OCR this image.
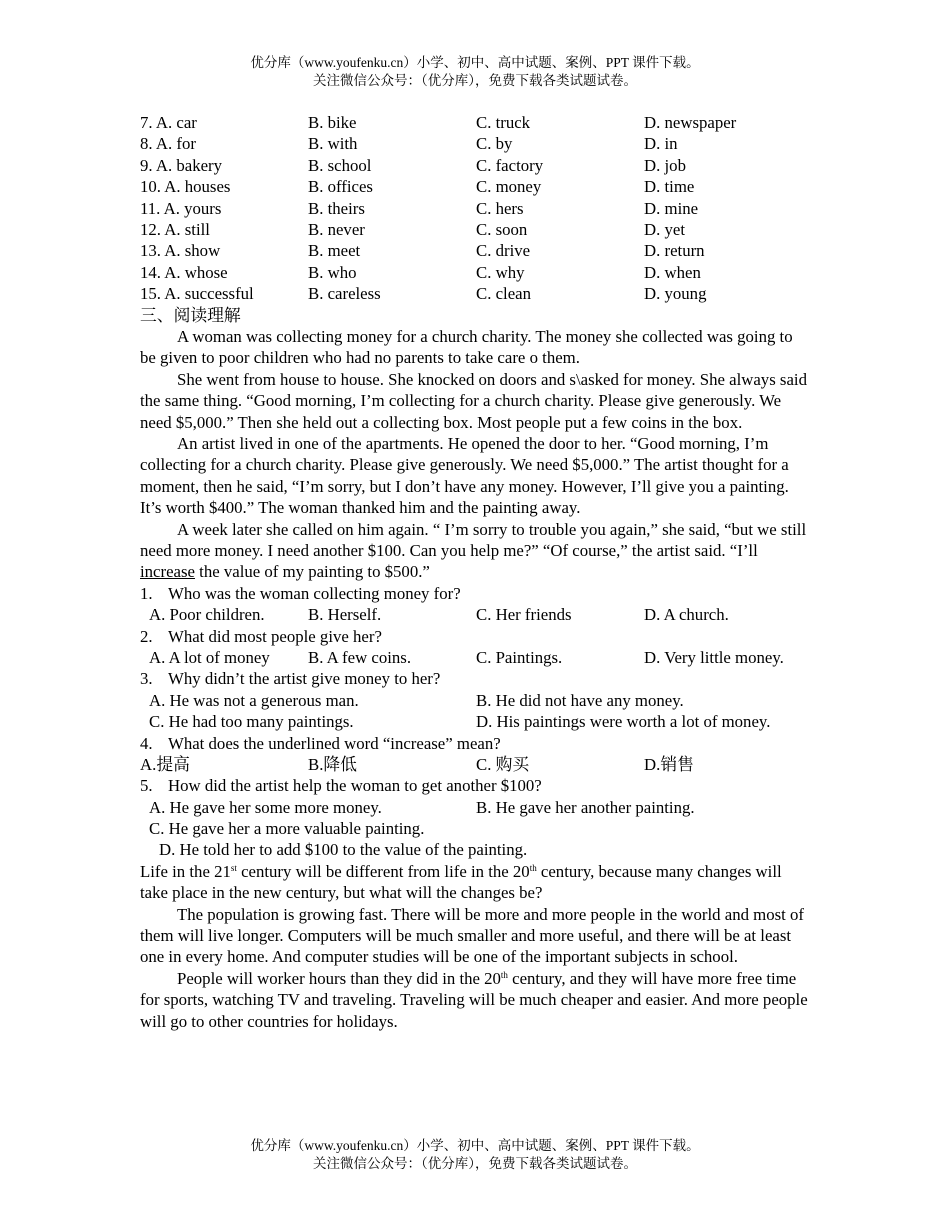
优分库（www.youfenku.cn）小学、初中、高中试题、案例、PPT 课件下载。
关注微信公众号：（优分库），免费下载各类试题试卷。
7. A. car	B. bike	C. truck	D. newspaper
8. A. for	B. with	C. by	D. in
9. A. bakery	B. school	C. factory	D. job
10. A. houses	B. offices	C. money	D. time
11. A. yours	B. theirs	C. hers	D. mine
12. A. still	B. never	C. soon	D. yet
13. A. show	B. meet	C. drive	D. return
14. A. whose	B. who	C. why	D. when
15. A. successful	B. careless	C. clean	D. young
三、阅读理解
A woman was collecting money for a church charity. The money she collected was going to be given to poor children who had no parents to take care o them.
She went from house to house. She knocked on doors and s\asked for money. She always said the same thing. “Good morning, I’m collecting for a church charity. Please give generously. We need $5,000.” Then she held out a collecting box. Most people put a few coins in the box.
An artist lived in one of the apartments. He opened the door to her. “Good morning, I’m collecting for a church charity. Please give generously. We need $5,000.” The artist thought for a moment, then he said, “I’m sorry, but I don’t have any money. However, I’ll give you a painting. It’s worth $400.” The woman thanked him and the painting away.
A week later she called on him again. “ I’m sorry to trouble you again,” she said, “but we still need more money. I need another $100. Can you help me?” “Of course,” the artist said. “I’ll increase the value of my painting to $500.”
1. Who was the woman collecting money for?
A. Poor children.	B. Herself.	C. Her friends	D. A church.
2. What did most people give her?
A. A lot of money	B. A few coins.	C. Paintings.	D. Very little money.
3. Why didn’t the artist give money to her?
A. He was not a generous man.	B. He did not have any money.
C. He had too many paintings.	D. His paintings were worth a lot of money.
4. What does the underlined word “increase” mean?
A.提高	B.降低	C. 购买	D.销售
5. How did the artist help the woman to get another $100?
A. He gave her some more money.	B. He gave her another painting.
C. He gave her a more valuable painting.
D. He told her to add $100 to the value of the painting.
Life in the 21st century will be different from life in the 20th century, because many changes will take place in the new century, but what will the changes be?
The population is growing fast. There will be more and more people in the world and most of them will live longer. Computers will be much smaller and more useful, and there will be at least one in every home. And computer studies will be one of the important subjects in school.
People will worker hours than they did in the 20th century, and they will have more free time for sports, watching TV and traveling. Traveling will be much cheaper and easier. And more people will go to other countries for holidays.
优分库（www.youfenku.cn）小学、初中、高中试题、案例、PPT 课件下载。
关注微信公众号：（优分库），免费下载各类试题试卷。
